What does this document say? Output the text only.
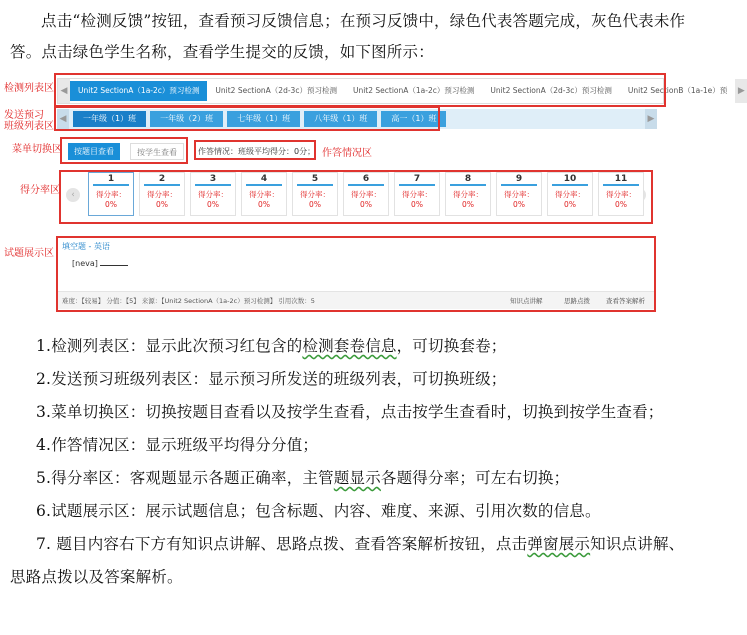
点击“检测反馈”按钮，查看预习反馈信息；在预习反馈中，绿色代表答题完成，灰色代表未作答。点击绿色学生名称，查看学生提交的反馈，如下图所示：
检测列表区
发送预习
班级列表区
菜单切换区
得分率区
试题展示区
◀	Unit2 SectionA（1a-2c）预习检测	Unit2 SectionA（2d-3c）预习检测	Unit2 SectionA（1a-2c）预习检测	Unit2 SectionA（2d-3c）预习检测	Unit2 SectionB（1a-1e）预	▶
◀	一年级（1）班	一年级（2）班	七年级（1）班	八年级（1）班	高一（1）班	▶
按题目查看	按学生查看	作答情况：班级平均得分：0分； 作答情况区
‹
1
得分率：
0%
2
得分率：
0%
3
得分率：
0%
4
得分率：
0%
5
得分率：
0%
6
得分率：
0%
7
得分率：
0%
8
得分率：
0%
9
得分率：
0%
10
得分率：
0%
11
得分率：
0%
填空题 - 英语
[neva]
难度：【较易】 分值：【5】 来源：【Unit2 SectionA（1a-2c）预习检测】 引用次数：5	知识点讲解	思路点拨 查看答案解析

1.检测列表区：显示此次预习红包含的检测套卷信息，可切换套卷；

2.发送预习班级列表区：显示预习所发送的班级列表，可切换班级；

3.菜单切换区：切换按题目查看以及按学生查看，点击按学生查看时，切换到按学生查看；

4.作答情况区：显示班级平均得分分值；

5.得分率区：客观题显示各题正确率，主管题显示各题得分率；可左右切换；

6.试题展示区：展示试题信息；包含标题、内容、难度、来源、引用次数的信息。

7. 题目内容右下方有知识点讲解、思路点拨、查看答案解析按钮，点击弹窗展示知识点讲解、思路点拨以及答案解析。
